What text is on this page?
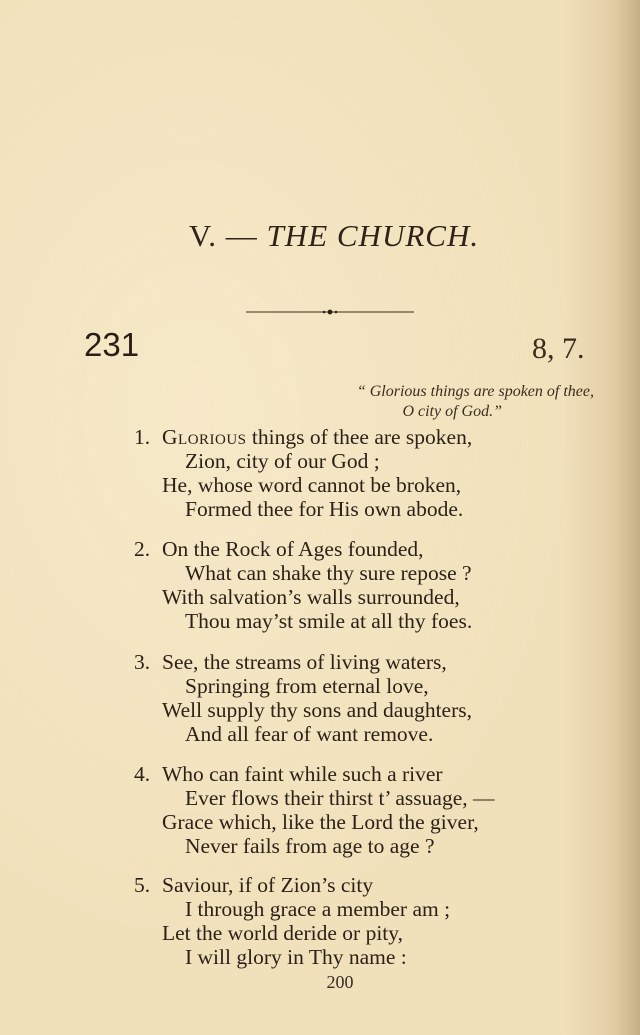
V. — THE CHURCH.
231	8, 7.
“ Glorious things are spoken of thee,
O city of God.”
1. Glorious things of thee are spoken,
Zion, city of our God ;
He, whose word cannot be broken,
Formed thee for His own abode.
2. On the Rock of Ages founded,
What can shake thy sure repose ?
With salvation’s walls surrounded,
Thou may’st smile at all thy foes.
3. See, the streams of living waters,
Springing from eternal love,
Well supply thy sons and daughters,
And all fear of want remove.
4. Who can faint while such a river
Ever flows their thirst t’ assuage, —
Grace which, like the Lord the giver,
Never fails from age to age ?
5. Saviour, if of Zion’s city
I through grace a member am ;
Let the world deride or pity,
I will glory in Thy name :
200
